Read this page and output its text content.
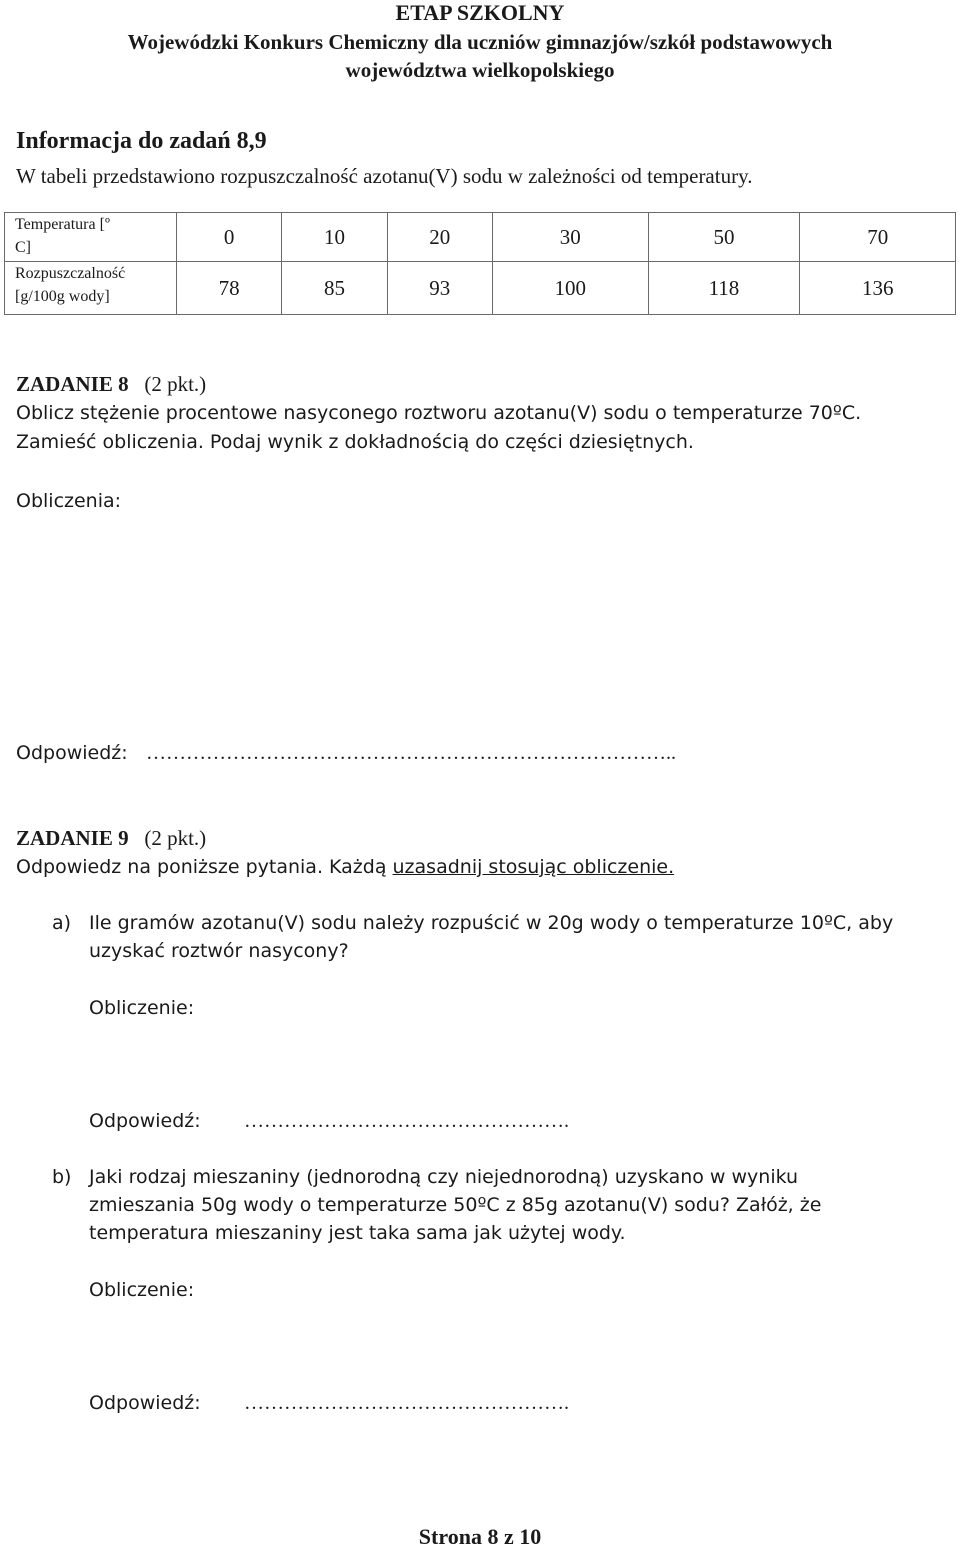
ETAP SZKOLNY
Wojewódzki Konkurs Chemiczny dla uczniów gimnazjów/szkół podstawowych
województwa wielkopolskiego
Informacja do zadań 8,9
W tabeli przedstawiono rozpuszczalność azotanu(V) sodu w zależności od temperatury.
Temperatura [º
C]	0	10	20	30	50	70
Rozpuszczalność
[g/100g wody]	78	85	93	100	118	136
ZADANIE 8 (2 pkt.)
Oblicz stężenie procentowe nasyconego roztworu azotanu(V) sodu o temperaturze 70ºC.
Zamieść obliczenia. Podaj wynik z dokładnością do części dziesiętnych.
Obliczenia:
Odpowiedź: ……………………………………………………………………..
ZADANIE 9 (2 pkt.)
Odpowiedz na poniższe pytania. Każdą uzasadnij stosując obliczenie.
a) Ile gramów azotanu(V) sodu należy rozpuścić w 20g wody o temperaturze 10ºC, aby
uzyskać roztwór nasycony?
Obliczenie:
Odpowiedź: ………………………………………….
b) Jaki rodzaj mieszaniny (jednorodną czy niejednorodną) uzyskano w wyniku
zmieszania 50g wody o temperaturze 50ºC z 85g azotanu(V) sodu? Załóż, że
temperatura mieszaniny jest taka sama jak użytej wody.
Obliczenie:
Odpowiedź: ………………………………………….
Strona 8 z 10
